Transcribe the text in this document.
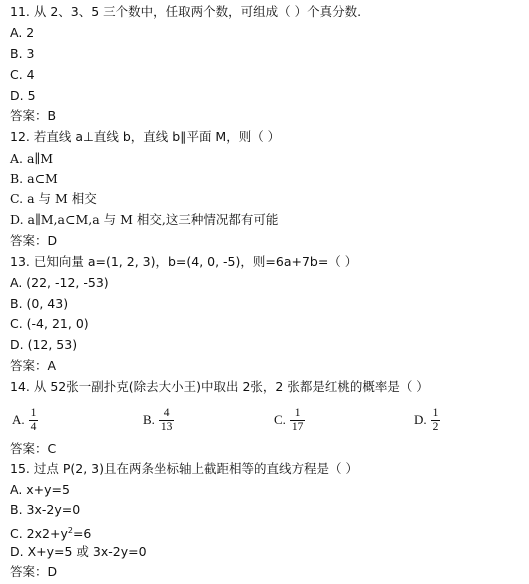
11. 从 2、3、5 三个数中，任取两个数，可组成（ ）个真分数.
A. 2
B. 3
C. 4
D. 5
答案：B
12. 若直线 a⊥直线 b，直线 b∥平面 M，则（ ）
A. a∥M
B. a⊂M
C. a 与 M 相交
D. a∥M,a⊂M,a 与 M 相交,这三种情况都有可能
答案：D
13. 已知向量 a=(1, 2, 3)，b=(4, 0, -5)，则=6a+7b=（ ）
A. (22, -12, -53)
B. (0, 43)
C. (-4, 21, 0)
D. (12, 53)
答案：A
14. 从 52张一副扑克(除去大小王)中取出 2张，2 张都是红桃的概率是（ ）
A. $\frac{1}{4}$	B. $\frac{4}{13}$	C. $\frac{1}{17}$	D. $\frac{1}{2}$
答案：C
15. 过点 P(2, 3)且在两条坐标轴上截距相等的直线方程是（ ）
A. x+y=5
B. 3x-2y=0
C. $2x2+y^2=6$
D. X+y=5 或 3x-2y=0
答案：D
